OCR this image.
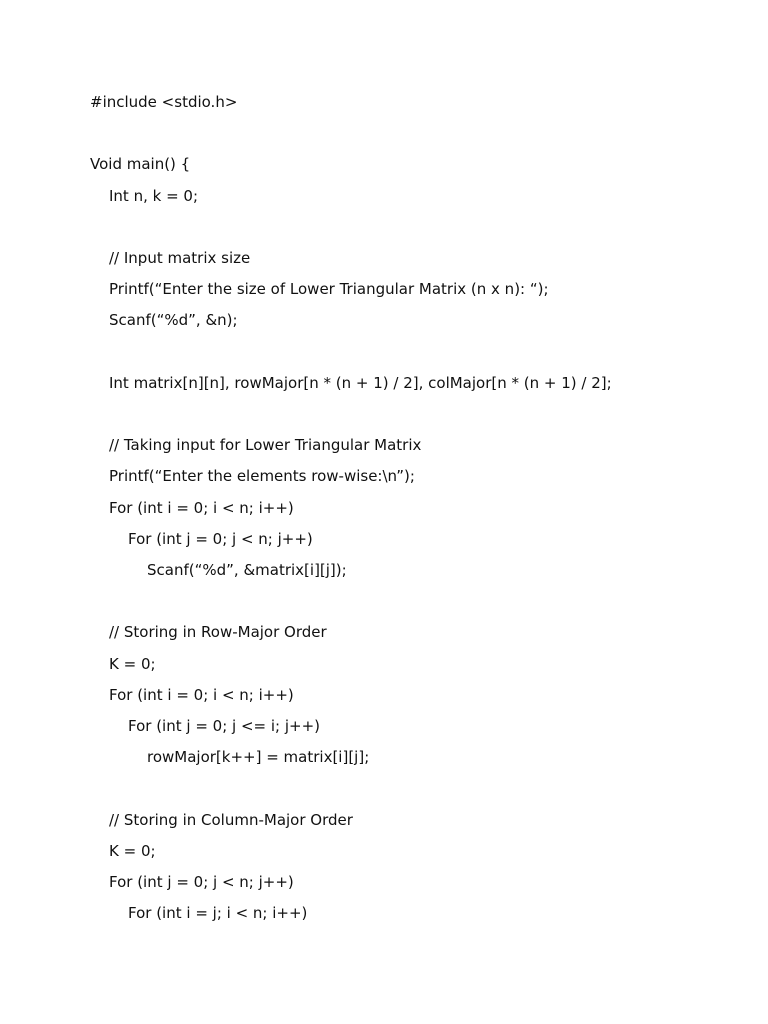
#include <stdio.h>

Void main() {

Int n, k = 0;

// Input matrix size

Printf(“Enter the size of Lower Triangular Matrix (n x n): “);

Scanf(“%d”, &n);

Int matrix[n][n], rowMajor[n * (n + 1) / 2], colMajor[n * (n + 1) / 2];

// Taking input for Lower Triangular Matrix

Printf(“Enter the elements row-wise:\n”);

For (int i = 0; i < n; i++)

For (int j = 0; j < n; j++)

Scanf(“%d”, &matrix[i][j]);

// Storing in Row-Major Order

K = 0;

For (int i = 0; i < n; i++)

For (int j = 0; j <= i; j++)

rowMajor[k++] = matrix[i][j];

// Storing in Column-Major Order

K = 0;

For (int j = 0; j < n; j++)

For (int i = j; i < n; i++)
